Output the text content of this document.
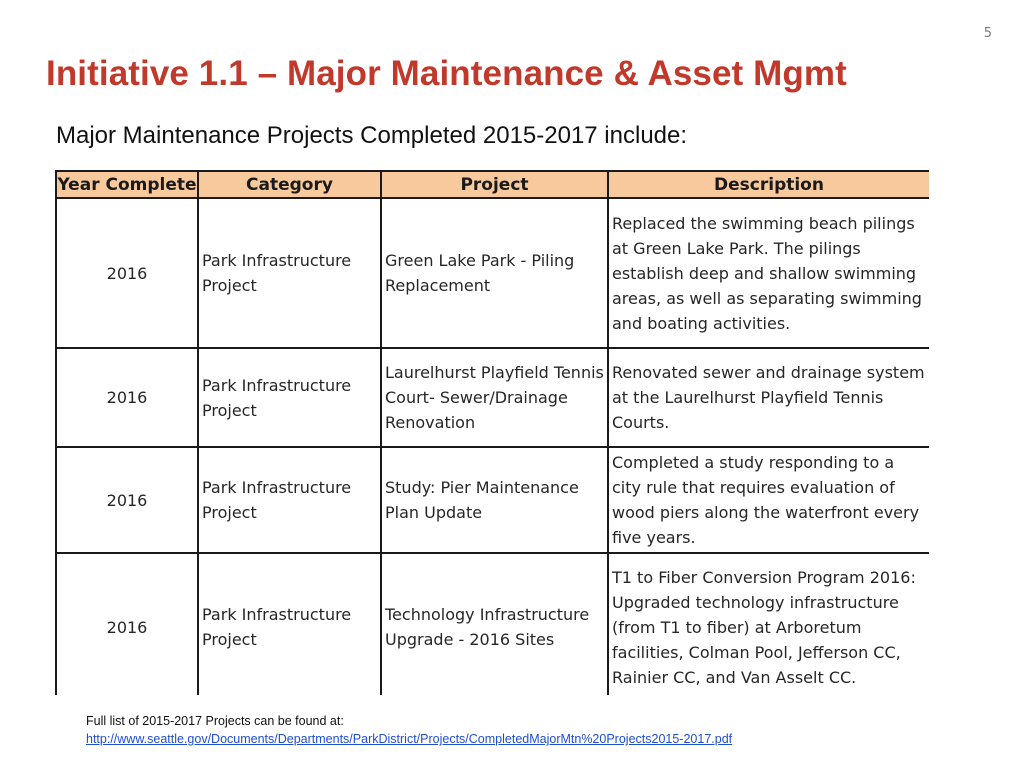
5
Initiative 1.1 – Major Maintenance & Asset Mgmt

Major Maintenance Projects Completed 2015-2017 include:

Year Complete	Category	Project	Description
2016	Park Infrastructure Project	Green Lake Park - Piling Replacement	Replaced the swimming beach pilings at Green Lake Park. The pilings establish deep and shallow swimming areas, as well as separating swimming and boating activities.
2016	Park Infrastructure Project	Laurelhurst Playfield Tennis Court- Sewer/Drainage Renovation	Renovated sewer and drainage system at the Laurelhurst Playfield Tennis Courts.
2016	Park Infrastructure Project	Study: Pier Maintenance Plan Update	Completed a study responding to a city rule that requires evaluation of wood piers along the waterfront every five years.
2016	Park Infrastructure Project	Technology Infrastructure Upgrade - 2016 Sites	T1 to Fiber Conversion Program 2016: Upgraded technology infrastructure (from T1 to fiber) at Arboretum facilities, Colman Pool, Jefferson CC, Rainier CC, and Van Asselt CC.

Full list of 2015-2017 Projects can be found at:
http://www.seattle.gov/Documents/Departments/ParkDistrict/Projects/CompletedMajorMtn%20Projects2015-2017.pdf
